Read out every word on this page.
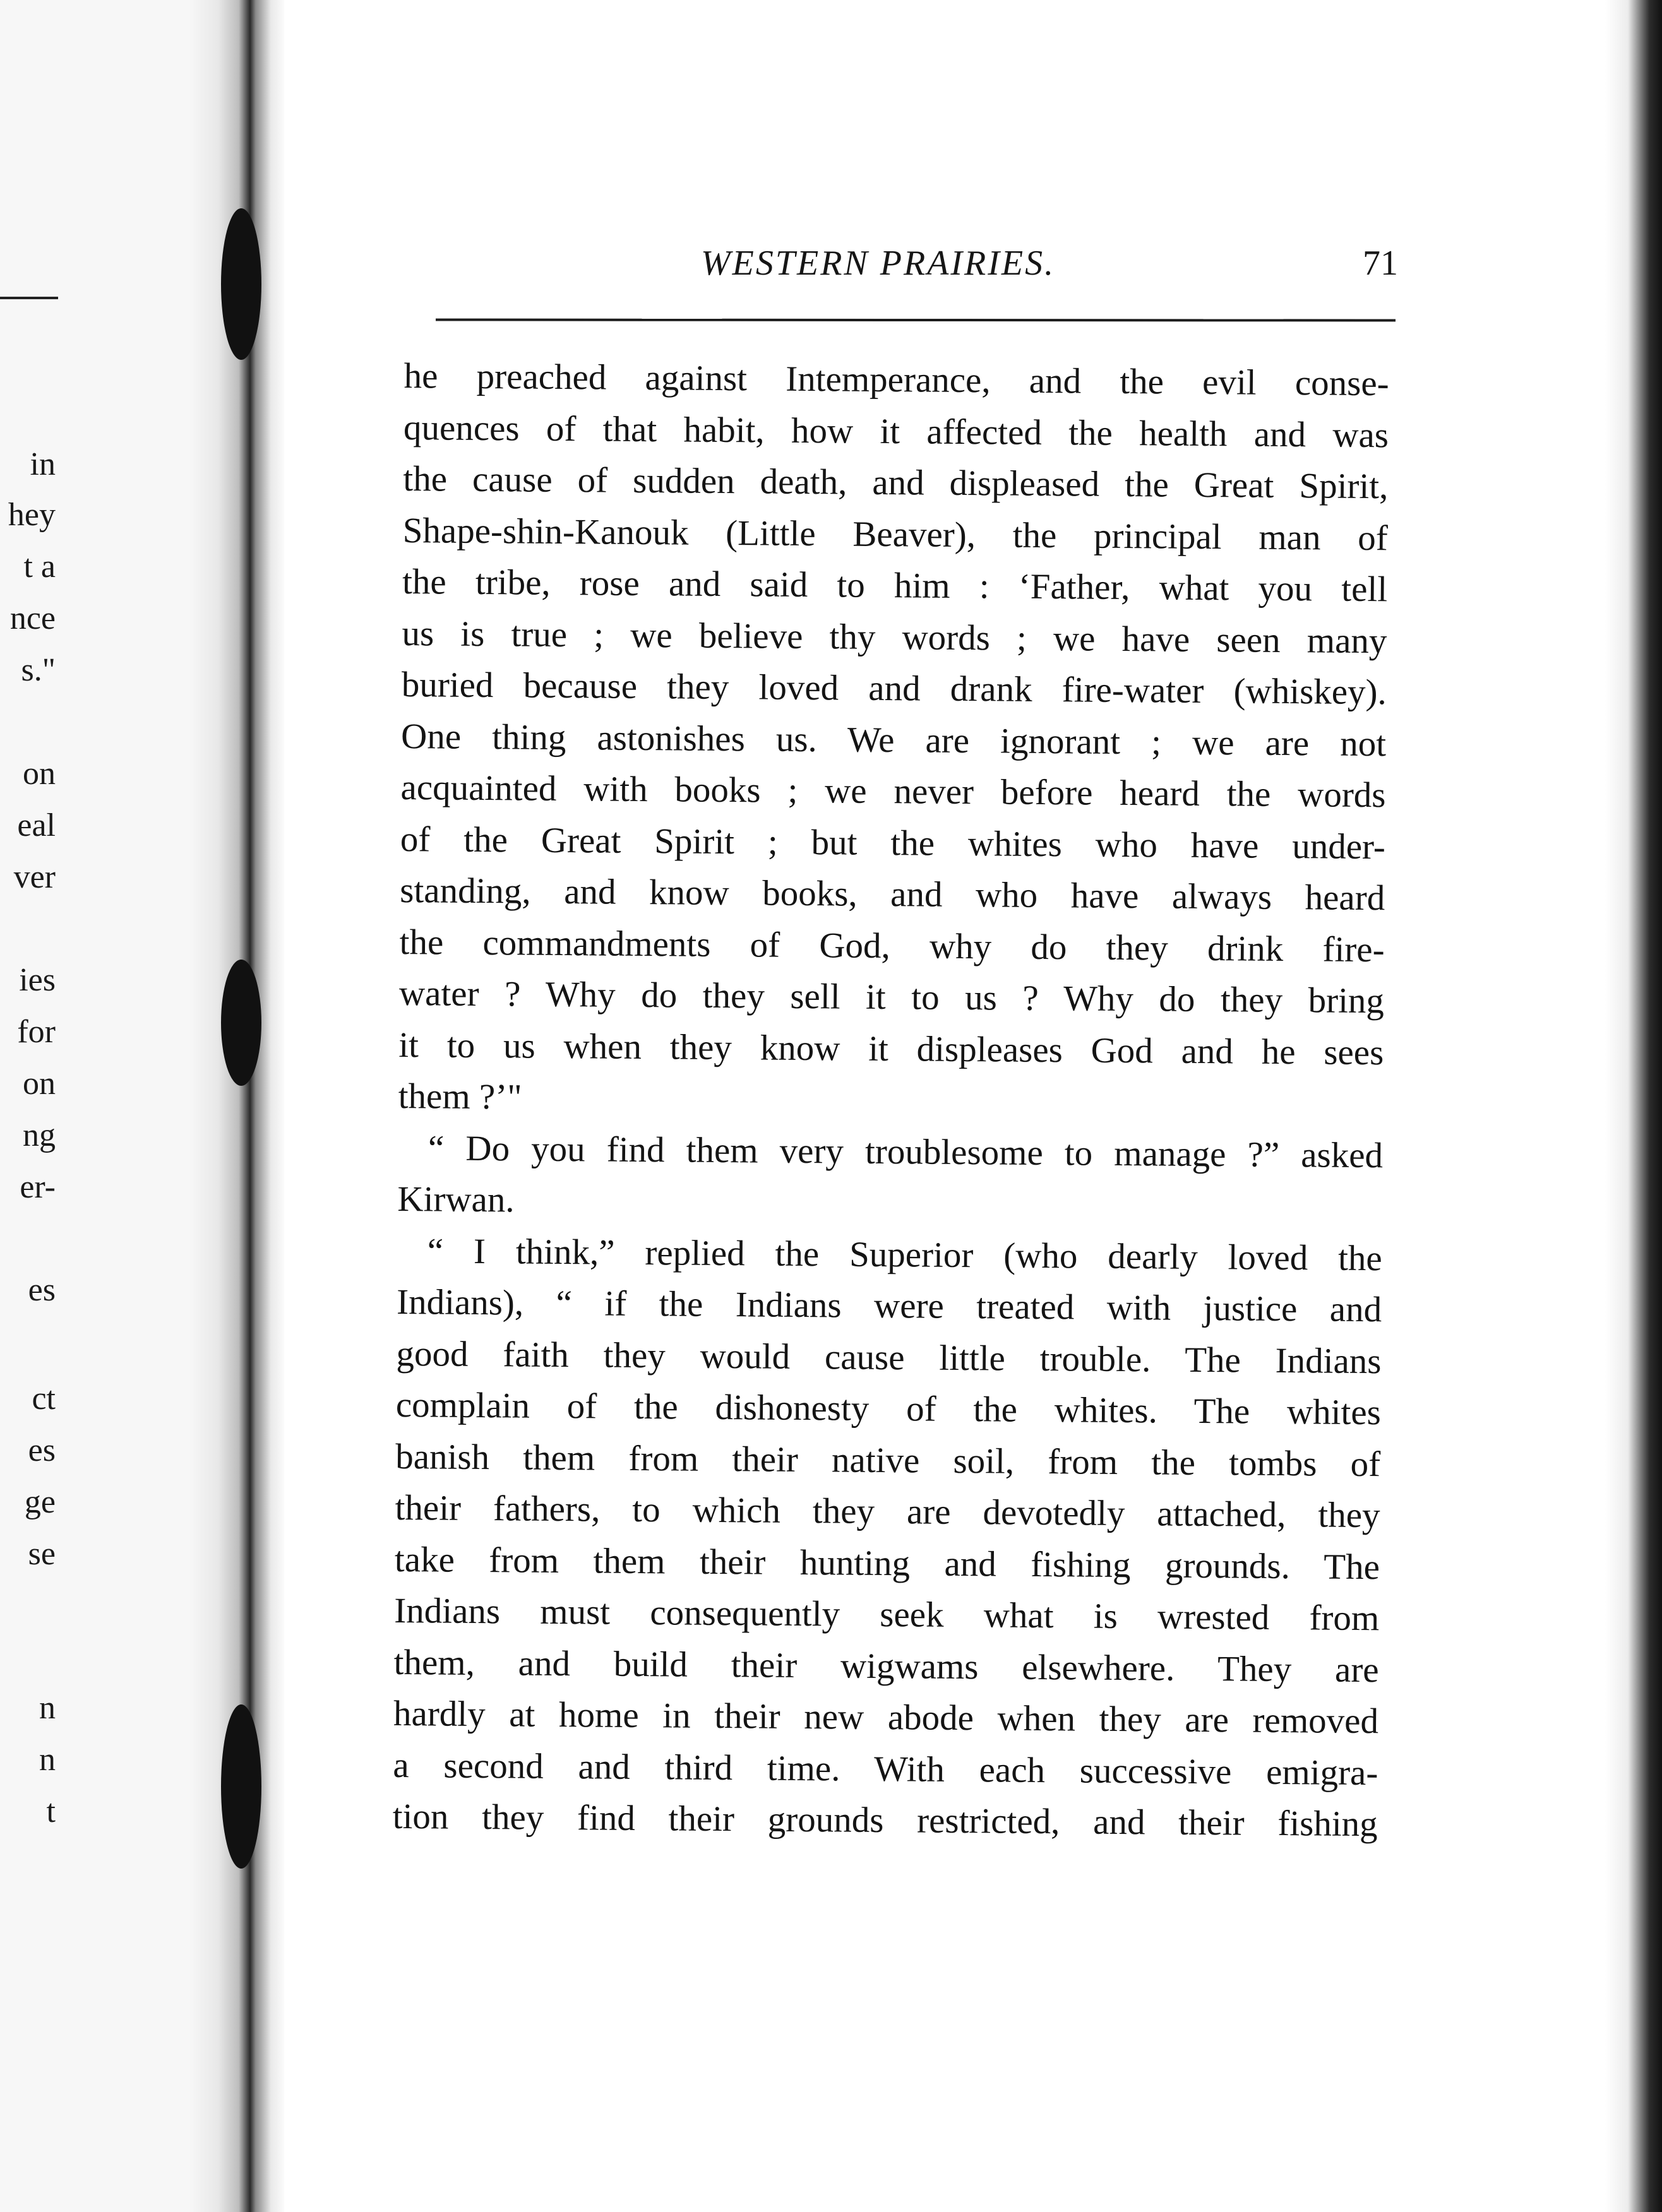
in
hey
t a
nce
s."
on
eal
ver
ies
for
on
ng
er-
es
ct
es
ge
se
n
n
t
WESTERN PRAIRIES.	71
he preached against Intemperance, and the evil conse-
quences of that habit, how it affected the health and was
the cause of sudden death, and displeased the Great Spirit,
Shape-shin-Kanouk (Little Beaver), the principal man of
the tribe, rose and said to him : ‘Father, what you tell
us is true ; we believe thy words ; we have seen many
buried because they loved and drank fire-water (whiskey).
One thing astonishes us. We are ignorant ; we are not
acquainted with books ; we never before heard the words
of the Great Spirit ; but the whites who have under-
standing, and know books, and who have always heard
the commandments of God, why do they drink fire-
water ? Why do they sell it to us ? Why do they bring
it to us when they know it displeases God and he sees
them ?’"
“ Do you find them very troublesome to manage ?” asked
Kirwan.
“ I think,” replied the Superior (who dearly loved the
Indians), “ if the Indians were treated with justice and
good faith they would cause little trouble. The Indians
complain of the dishonesty of the whites. The whites
banish them from their native soil, from the tombs of
their fathers, to which they are devotedly attached, they
take from them their hunting and fishing grounds. The
Indians must consequently seek what is wrested from
them, and build their wigwams elsewhere. They are
hardly at home in their new abode when they are removed
a second and third time. With each successive emigra-
tion they find their grounds restricted, and their fishing
